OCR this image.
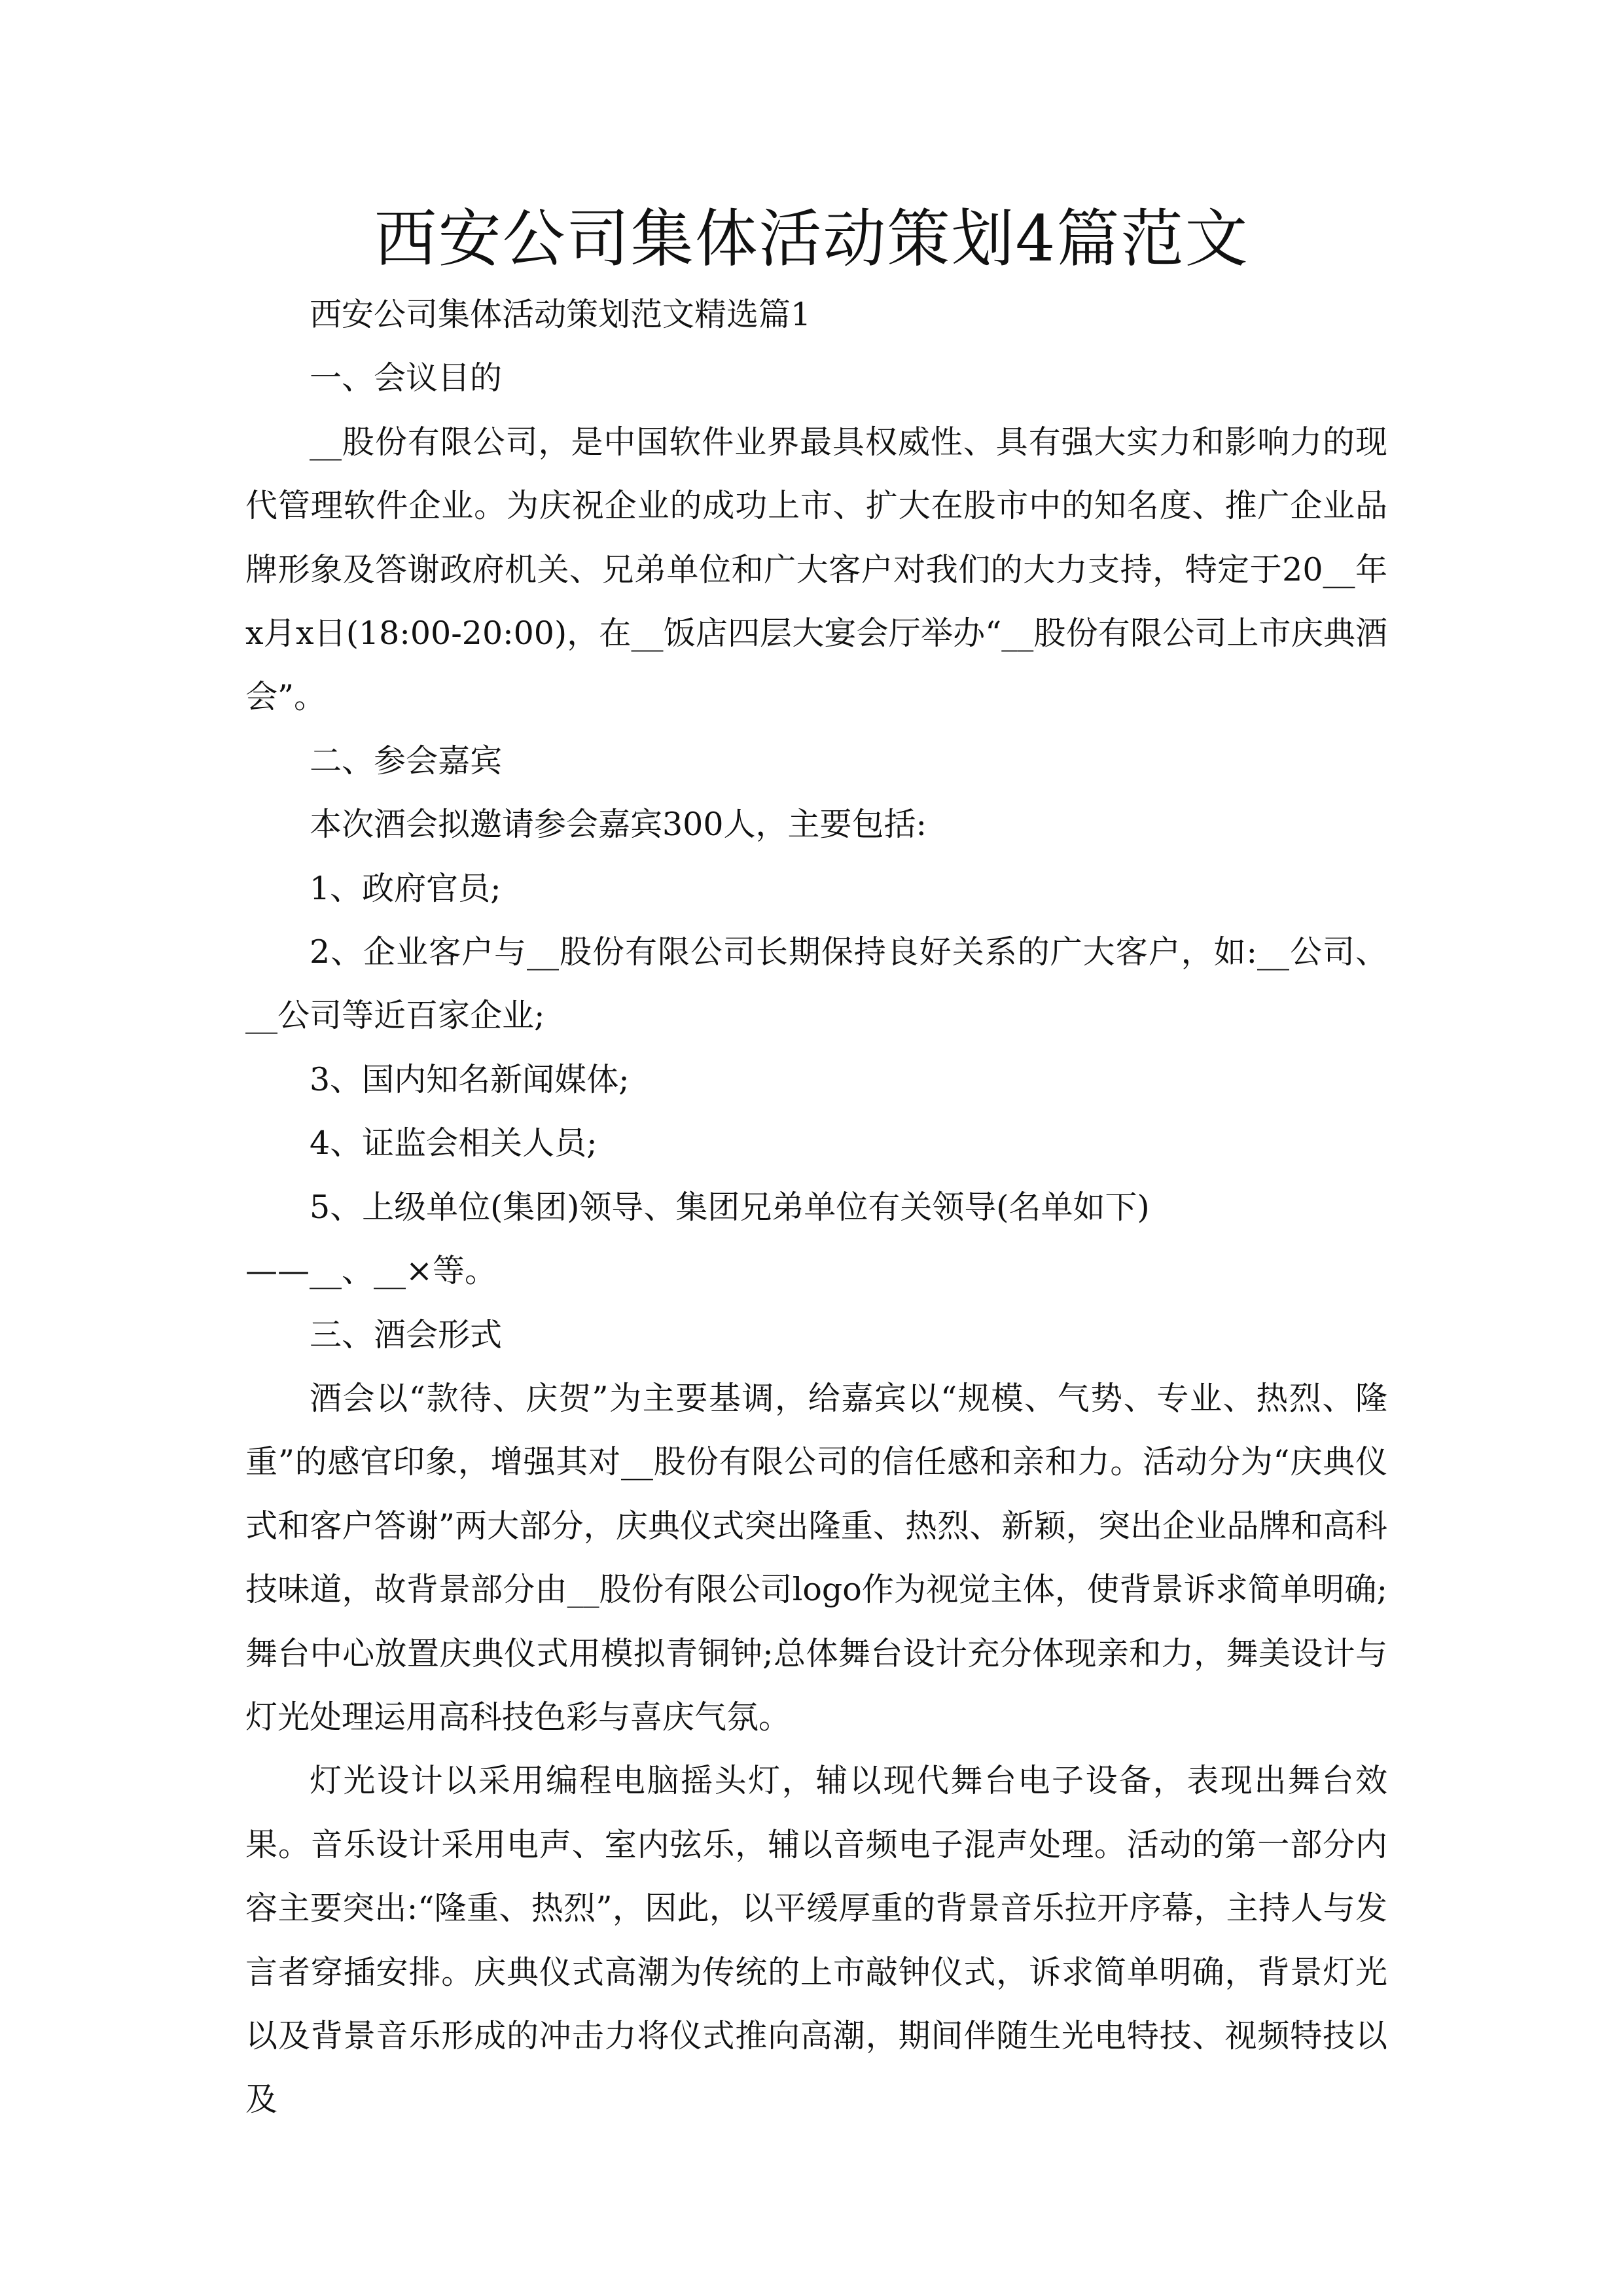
西安公司集体活动策划4篇范文

西安公司集体活动策划范文精选篇1

一、会议目的

__股份有限公司，是中国软件业界最具权威性、具有强大实力和影响力的现代管理软件企业。为庆祝企业的成功上市、扩大在股市中的知名度、推广企业品牌形象及答谢政府机关、兄弟单位和广大客户对我们的大力支持，特定于20__年x月x日(18:00-20:00)，在__饭店四层大宴会厅举办“__股份有限公司上市庆典酒会”。

二、参会嘉宾

本次酒会拟邀请参会嘉宾300人，主要包括:

1、政府官员;

2、企业客户与__股份有限公司长期保持良好关系的广大客户，如:__公司、__公司等近百家企业;

3、国内知名新闻媒体;

4、证监会相关人员;

5、上级单位(集团)领导、集团兄弟单位有关领导(名单如下)

——__、__×等。

三、酒会形式

酒会以“款待、庆贺”为主要基调，给嘉宾以“规模、气势、专业、热烈、隆重”的感官印象，增强其对__股份有限公司的信任感和亲和力。活动分为“庆典仪式和客户答谢”两大部分，庆典仪式突出隆重、热烈、新颖，突出企业品牌和高科技味道，故背景部分由__股份有限公司logo作为视觉主体，使背景诉求简单明确;舞台中心放置庆典仪式用模拟青铜钟;总体舞台设计充分体现亲和力，舞美设计与灯光处理运用高科技色彩与喜庆气氛。

灯光设计以采用编程电脑摇头灯，辅以现代舞台电子设备，表现出舞台效果。音乐设计采用电声、室内弦乐，辅以音频电子混声处理。活动的第一部分内容主要突出:“隆重、热烈”，因此，以平缓厚重的背景音乐拉开序幕，主持人与发言者穿插安排。庆典仪式高潮为传统的上市敲钟仪式，诉求简单明确，背景灯光以及背景音乐形成的冲击力将仪式推向高潮，期间伴随生光电特技、视频特技以及
